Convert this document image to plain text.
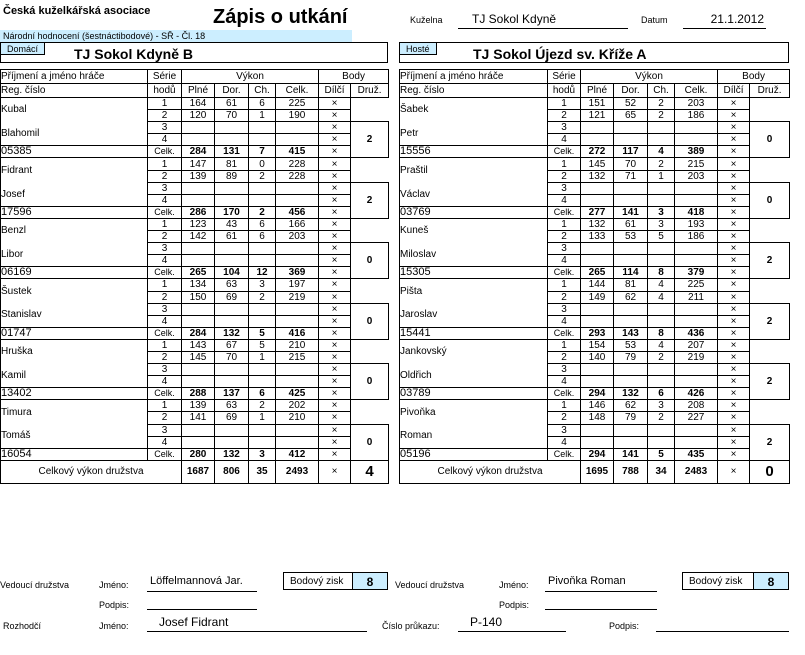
Česká kuželkářská asociace	Zápis o utkání
Národní hodnocení (šestnáctibodové) - SŘ - Čl. 18
Kuželna	TJ Sokol Kdyně	Datum	21.1.2012
Domácí	TJ Sokol Kdyně B	Hosté	TJ Sokol Újezd sv. Kříže A
Příjmení a jméno hráče	Série	Výkon				Body	
Reg. číslo	hodů	Plné	Dor.	Ch.	Celk.	Dílčí	Druž.
Kubal	1	164	61	6	225	×	
	2	120	70	1	190	×	
Blahomil	3					×	2
	4					×	
05385	Celk.	284	131	7	415	×	
Fidrant	1	147	81	0	228	×	
	2	139	89	2	228	×	
Josef	3					×	2
	4					×	
17596	Celk.	286	170	2	456	×	
Benzl	1	123	43	6	166	×	
	2	142	61	6	203	×	
Libor	3					×	0
	4					×	
06169	Celk.	265	104	12	369	×	
Šustek	1	134	63	3	197	×	
	2	150	69	2	219	×	
Stanislav	3					×	0
	4					×	
01747	Celk.	284	132	5	416	×	
Hruška	1	143	67	5	210	×	
	2	145	70	1	215	×	
Kamil	3					×	0
	4					×	
13402	Celk.	288	137	6	425	×	
Timura	1	139	63	2	202	×	
	2	141	69	1	210	×	
Tomáš	3					×	0
	4					×	
16054	Celk.	280	132	3	412	×	
Celkový výkon družstva		1687	806	35	2493	×	4
Příjmení a jméno hráče	Série	Výkon				Body	
Reg. číslo	hodů	Plné	Dor.	Ch.	Celk.	Dílčí	Druž.
Šabek	1	151	52	2	203	×	
	2	121	65	2	186	×	
Petr	3					×	0
	4					×	
15556	Celk.	272	117	4	389	×	
Praštil	1	145	70	2	215	×	
	2	132	71	1	203	×	
Václav	3					×	0
	4					×	
03769	Celk.	277	141	3	418	×	
Kuneš	1	132	61	3	193	×	
	2	133	53	5	186	×	
Miloslav	3					×	2
	4					×	
15305	Celk.	265	114	8	379	×	
Pišta	1	144	81	4	225	×	
	2	149	62	4	211	×	
Jaroslav	3					×	2
	4					×	
15441	Celk.	293	143	8	436	×	
Jankovský	1	154	53	4	207	×	
	2	140	79	2	219	×	
Oldřich	3					×	2
	4					×	
03789	Celk.	294	132	6	426	×	
Pivoňka	1	146	62	3	208	×	
	2	148	79	2	227	×	
Roman	3					×	2
	4					×	
05196	Celk.	294	141	5	435	×	
Celkový výkon družstva		1695	788	34	2483	×	0
Bodový zisk	8	Bodový zisk	8
Vedoucí družstva	Jméno: Löffelmannová Jar.
Podpis:
Vedoucí družstva	Jméno: Pivoňka Roman
Podpis:
Rozhodčí	Jméno:	Josef Fidrant	Číslo průkazu:	P-140	Podpis:
